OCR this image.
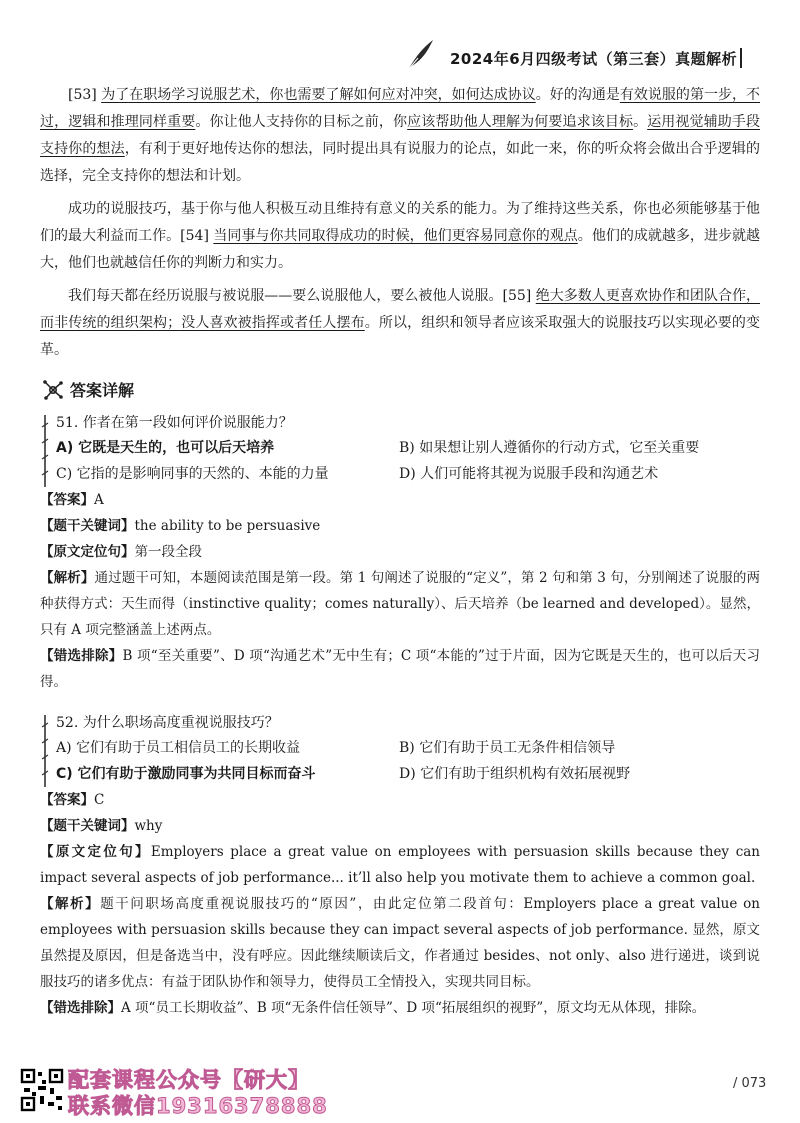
2024年6月四级考试（第三套）真题解析

[53] 为了在职场学习说服艺术，你也需要了解如何应对冲突，如何达成协议。好的沟通是有效说服的第一步，不过，逻辑和推理同样重要。你让他人支持你的目标之前，你应该帮助他人理解为何要追求该目标。运用视觉辅助手段支持你的想法，有利于更好地传达你的想法，同时提出具有说服力的论点，如此一来，你的听众将会做出合乎逻辑的选择，完全支持你的想法和计划。

成功的说服技巧，基于你与他人积极互动且维持有意义的关系的能力。为了维持这些关系，你也必须能够基于他们的最大利益而工作。[54] 当同事与你共同取得成功的时候，他们更容易同意你的观点。他们的成就越多，进步就越大，他们也就越信任你的判断力和实力。

我们每天都在经历说服与被说服——要么说服他人，要么被他人说服。[55] 绝大多数人更喜欢协作和团队合作，而非传统的组织架构；没人喜欢被指挥或者任人摆布。所以，组织和领导者应该采取强大的说服技巧以实现必要的变革。

答案详解

51. 作者在第一段如何评价说服能力？

A) 它既是天生的，也可以后天培养	B) 如果想让别人遵循你的行动方式，它至关重要
C) 它指的是影响同事的天然的、本能的力量	D) 人们可能将其视为说服手段和沟通艺术

【答案】A

【题干关键词】the ability to be persuasive

【原文定位句】第一段全段

【解析】通过题干可知，本题阅读范围是第一段。第 1 句阐述了说服的“定义”，第 2 句和第 3 句，分别阐述了说服的两种获得方式：天生而得（instinctive quality；comes naturally）、后天培养（be learned and developed）。显然，只有 A 项完整涵盖上述两点。

【错选排除】B 项“至关重要”、D 项“沟通艺术”无中生有；C 项“本能的”过于片面，因为它既是天生的，也可以后天习得。

52. 为什么职场高度重视说服技巧？

A) 它们有助于员工相信员工的长期收益	B) 它们有助于员工无条件相信领导
C) 它们有助于激励同事为共同目标而奋斗	D) 它们有助于组织机构有效拓展视野

【答案】C

【题干关键词】why

【原文定位句】Employers place a great value on employees with persuasion skills because they can impact several aspects of job performance... it’ll also help you motivate them to achieve a common goal.

【解析】题干问职场高度重视说服技巧的“原因”，由此定位第二段首句：Employers place a great value on employees with persuasion skills because they can impact several aspects of job performance. 显然，原文虽然提及原因，但是备选当中，没有呼应。因此继续顺读后文，作者通过 besides、not only、also 进行递进，谈到说服技巧的诸多优点：有益于团队协作和领导力，使得员工全情投入，实现共同目标。

【错选排除】A 项“员工长期收益”、B 项“无条件信任领导”、D 项“拓展组织的视野”，原文均无从体现，排除。

配套课程公众号【研大】
联系微信19316378888
/ 073
